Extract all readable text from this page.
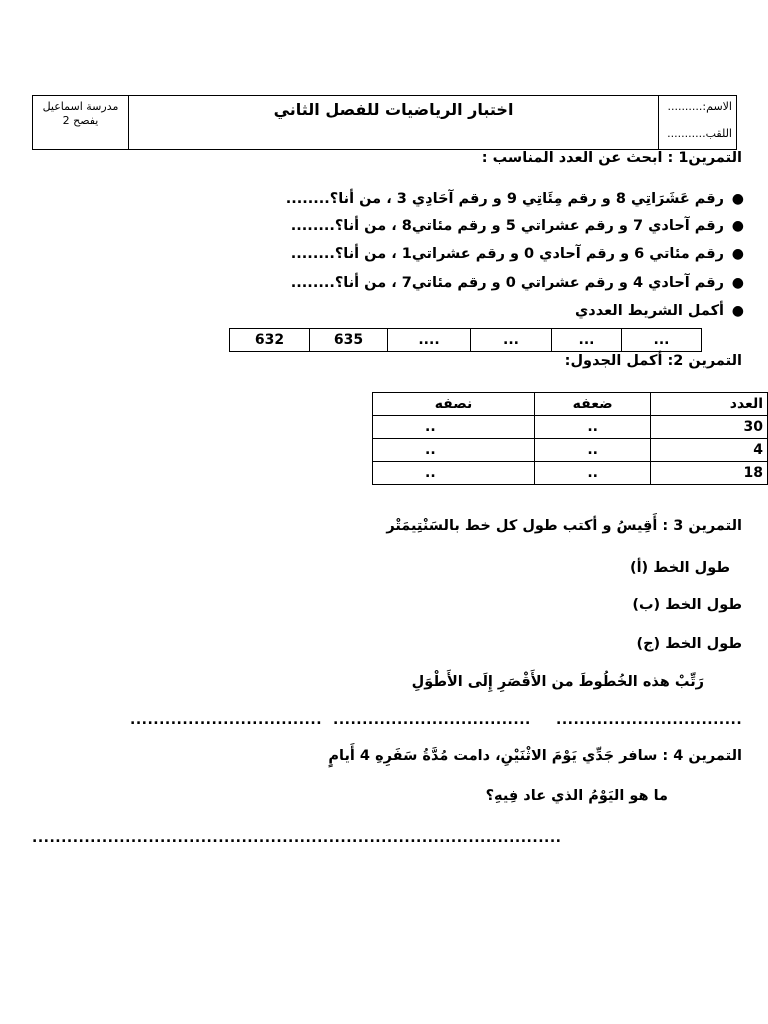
مدرسة اسماعيل
يفصح 2
اختبار الرياضيات للفصل الثاني	الاسم:..........
اللقب...........
التمرين1 : ابحث عن العدد المناسب :
●
رقم عَشَرَاتِي 8 و رقم مِئَاتِي 9 و رقم آحَادِي 3 ، من أنا؟........
●
رقم آحادي 7 و رقم عشراتي 5 و رقم مئاتي8 ، من أنا؟........
●
رقم مئاتي 6 و رقم آحادي 0 و رقم عشراتي1 ، من أنا؟........
●
رقم آحادي 4 و رقم عشراتي 0 و رقم مئاتي7 ، من أنا؟........
●
أكمل الشريط العددي
632	635	....	...	...	...
التمرين 2: أكمل الجدول:
العدد	ضعفه	نصفه
30	..	..
4	..	..
18	..	..
التمرين 3 : أَقِيسُ و أكتب طول كل خط بالسَنْتِيمَتْر
طول الخط (أ)
طول الخط (ب)
طول الخط (ج)
رَتِّبْ هذه الخُطُوطَ من الأَقْصَرِ إِلَى الأَطْوَلِ
................................. .................................. ................................
التمرين 4 : سافر جَدِّي يَوْمَ الاثْنَيْنِ، دامت مُدَّةُ سَفَرِهِ 4 أَيامٍ
ما هو اليَوْمُ الذي عاد فِيهِ؟
...........................................................................................
